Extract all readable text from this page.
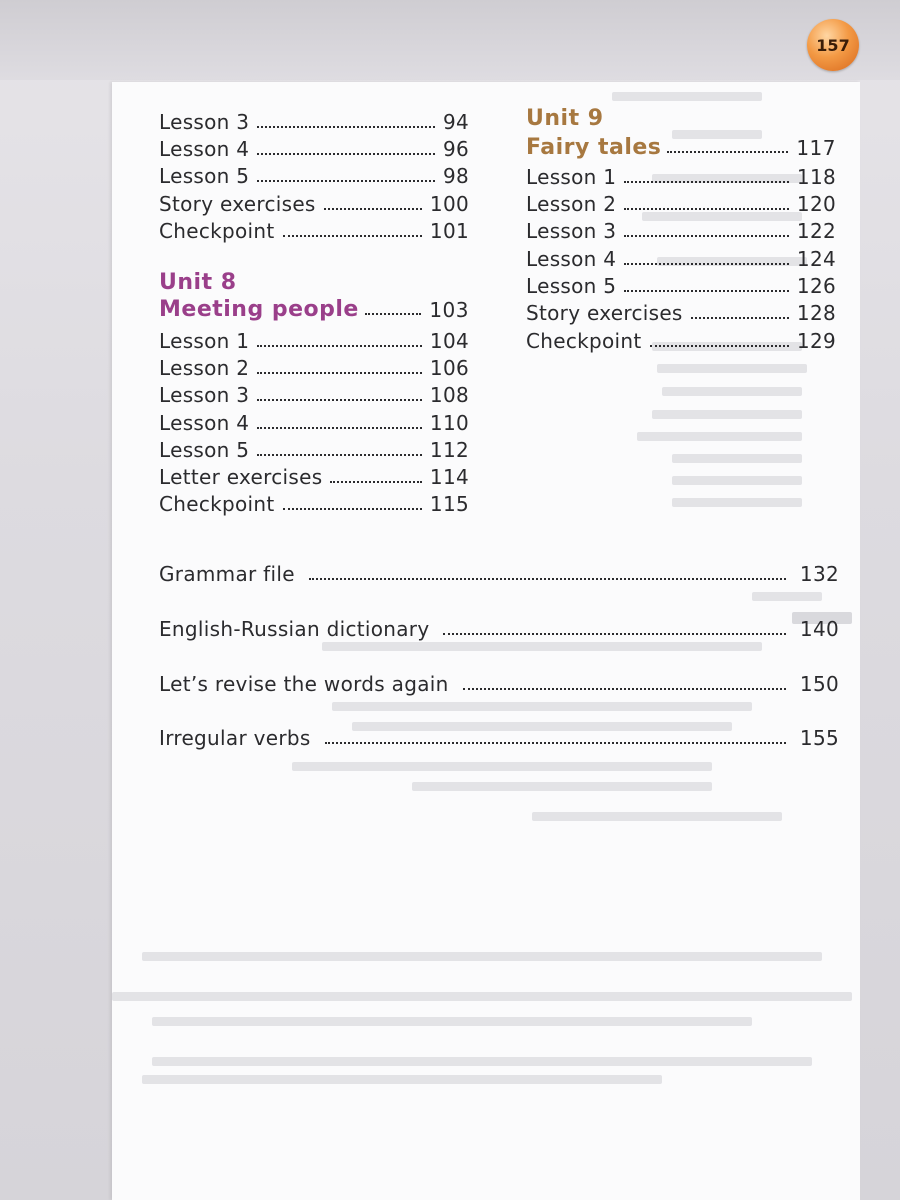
157
Lesson 3	94
Lesson 4	96
Lesson 5	98
Story exercises	100
Checkpoint	101
Unit 8
Meeting people	103
Lesson 1	104
Lesson 2	106
Lesson 3	108
Lesson 4	110
Lesson 5	112
Letter exercises	114
Checkpoint	115
Unit 9
Fairy tales	117
Lesson 1	118
Lesson 2	120
Lesson 3	122
Lesson 4	124
Lesson 5	126
Story exercises	128
Checkpoint	129
Grammar file	132
English-Russian dictionary	140
Let’s revise the words again	150
Irregular verbs	155
